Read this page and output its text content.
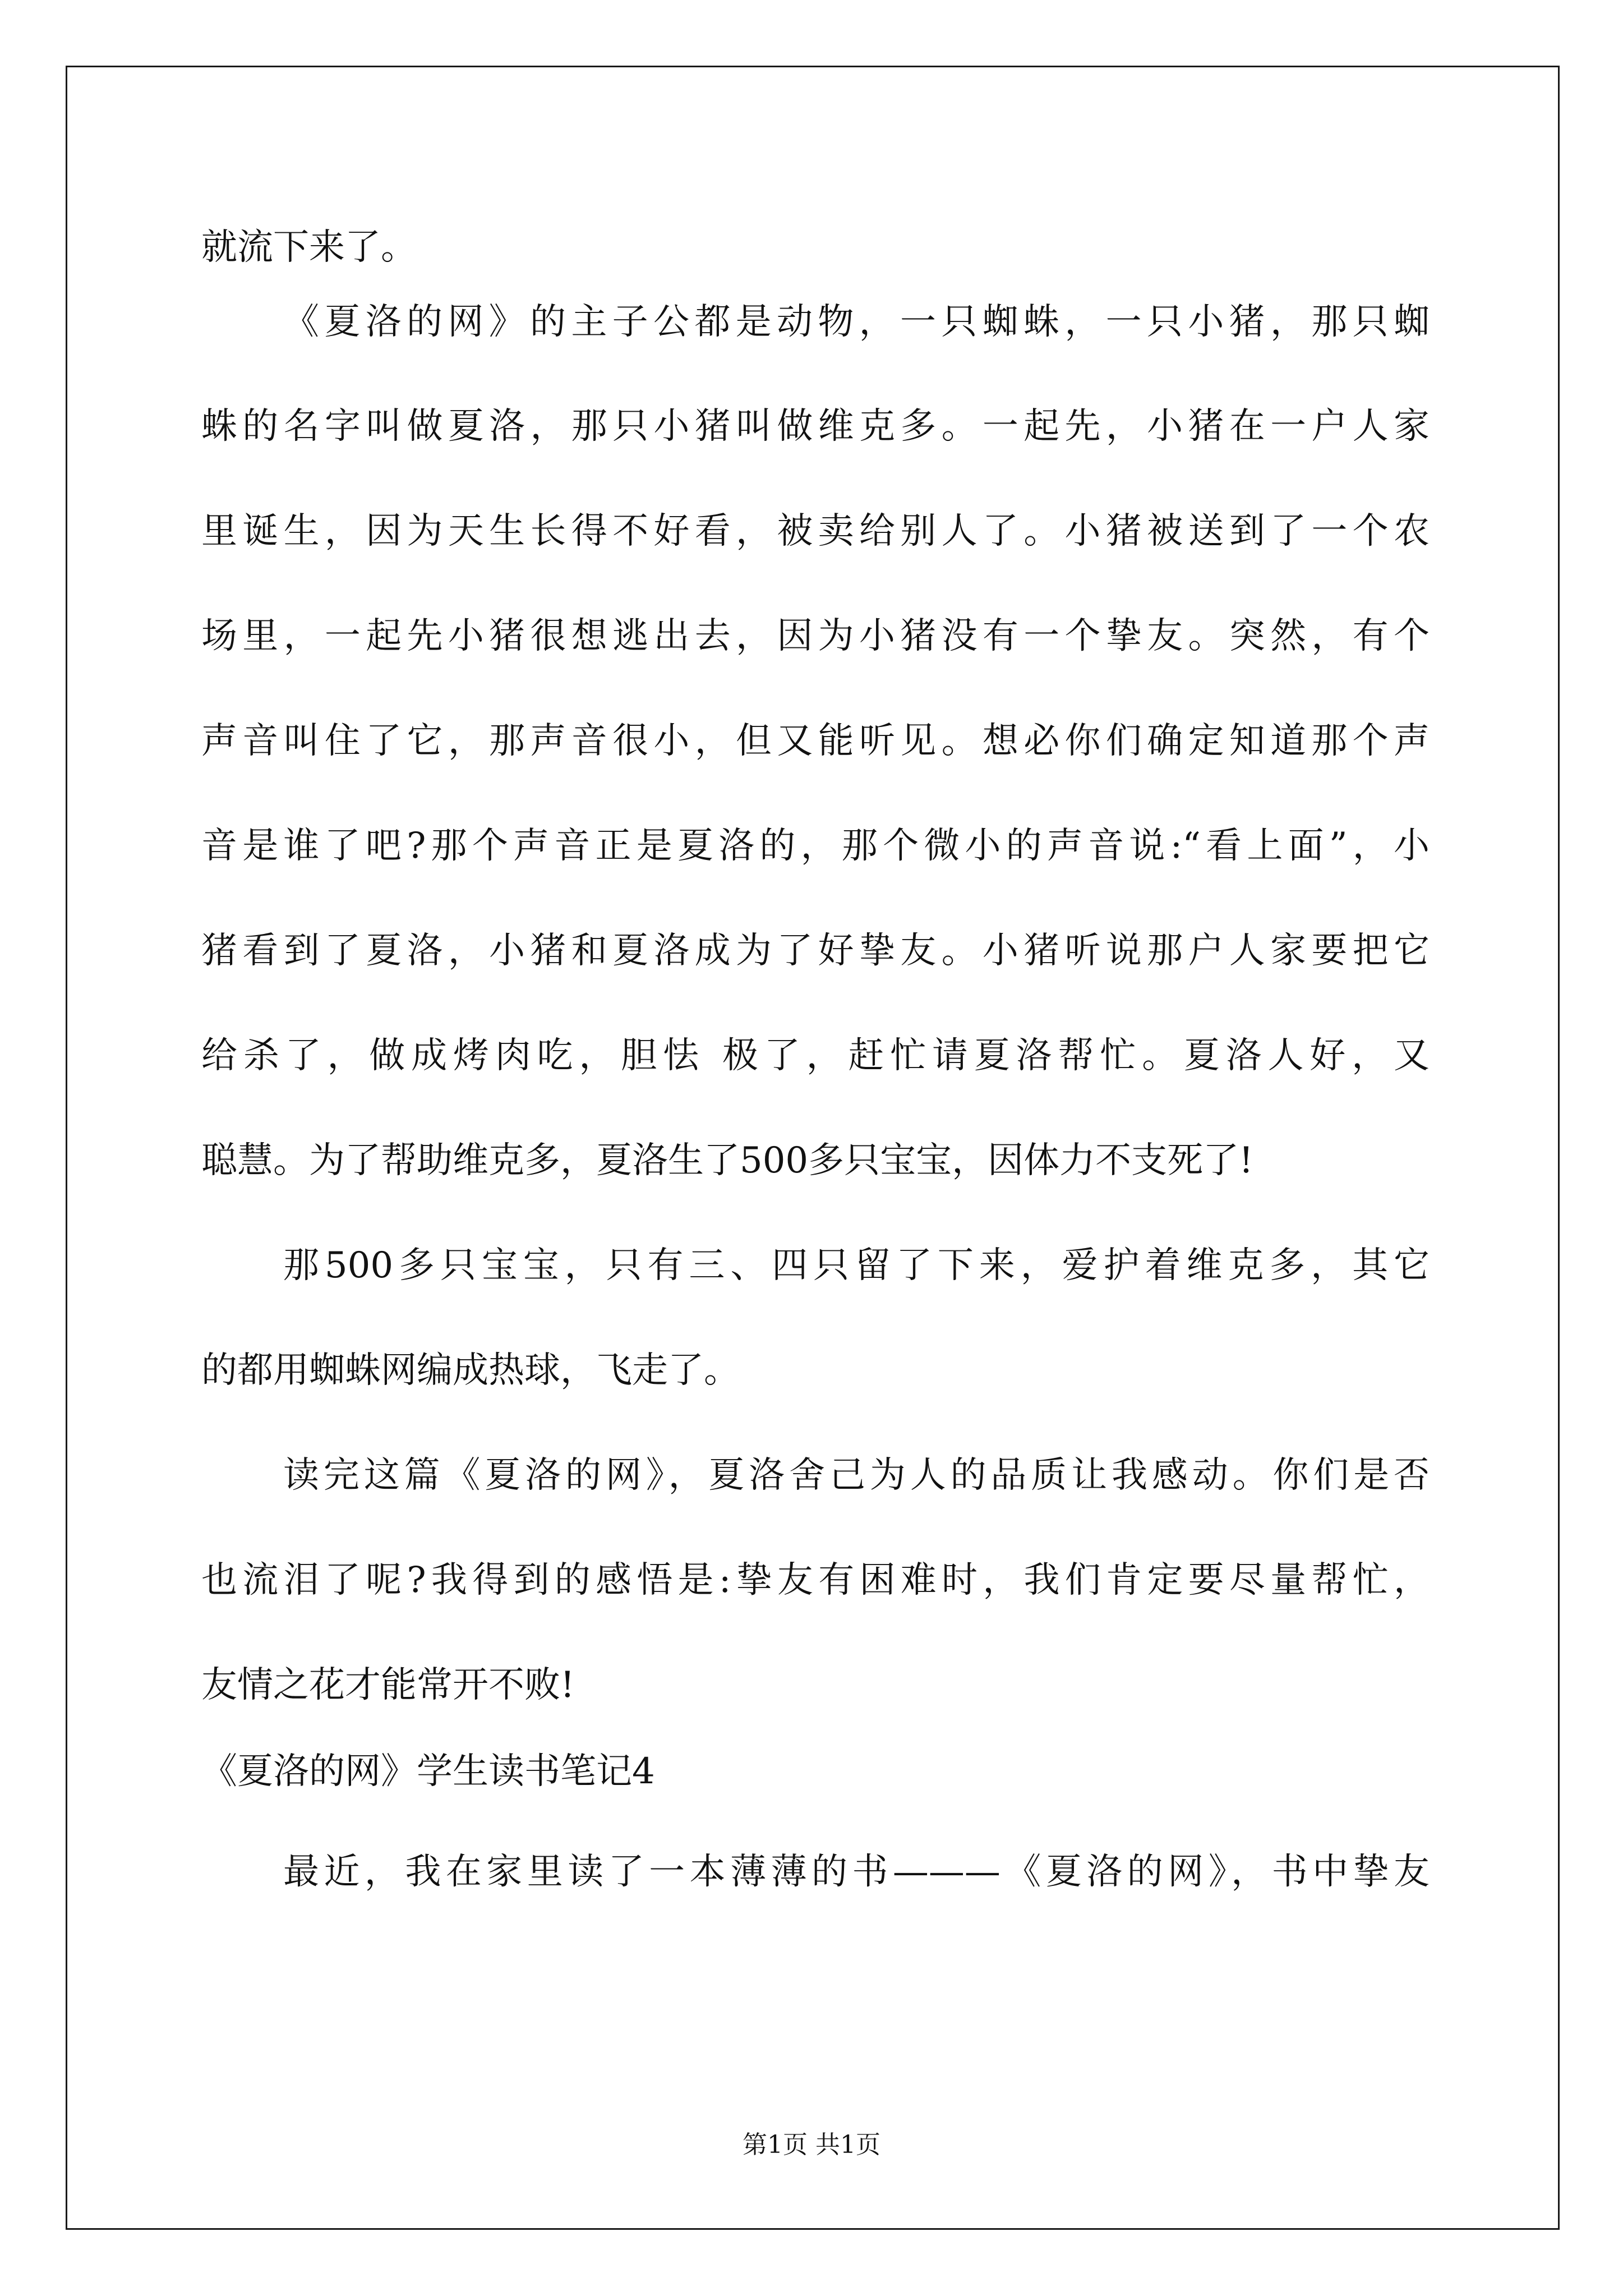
就流下来了。
《夏洛的网》的主子公都是动物，一只蜘蛛，一只小猪，那只蜘
蛛的名字叫做夏洛，那只小猪叫做维克多。一起先，小猪在一户人家
里诞生，因为天生长得不好看，被卖给别人了。小猪被送到了一个农
场里，一起先小猪很想逃出去，因为小猪没有一个挚友。突然，有个
声音叫住了它，那声音很小，但又能听见。想必你们确定知道那个声
音是谁了吧?那个声音正是夏洛的，那个微小的声音说:“看上面”，小
猪看到了夏洛，小猪和夏洛成为了好挚友。小猪听说那户人家要把它
给杀了，做成烤肉吃，胆怯 极了，赶忙请夏洛帮忙。夏洛人好，又
聪慧。为了帮助维克多，夏洛生了500多只宝宝，因体力不支死了!
那500多只宝宝，只有三、四只留了下来，爱护着维克多，其它
的都用蜘蛛网编成热球，飞走了。
读完这篇《夏洛的网》，夏洛舍己为人的品质让我感动。你们是否
也流泪了呢?我得到的感悟是:挚友有困难时，我们肯定要尽量帮忙，
友情之花才能常开不败!
《夏洛的网》学生读书笔记4
最近，我在家里读了一本薄薄的书———《夏洛的网》，书中挚友
第1页 共1页
